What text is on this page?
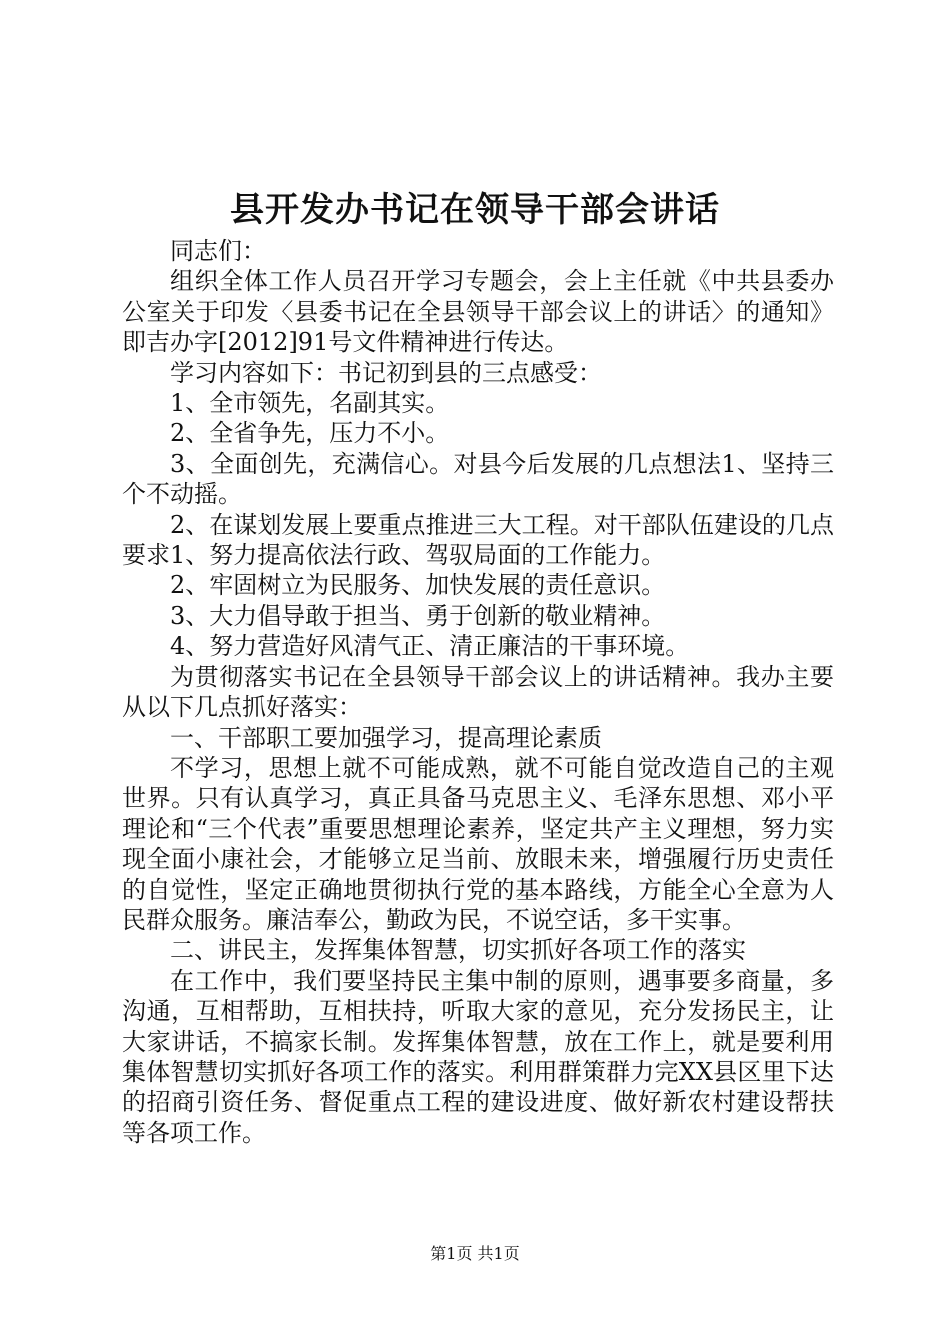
县开发办书记在领导干部会讲话

同志们：

组织全体工作人员召开学习专题会，会上主任就《中共县委办公室关于印发〈县委书记在全县领导干部会议上的讲话〉的通知》即吉办字[2012]91号文件精神进行传达。

学习内容如下：书记初到县的三点感受：

1、全市领先，名副其实。

2、全省争先，压力不小。

3、全面创先，充满信心。对县今后发展的几点想法1、坚持三个不动摇。

2、在谋划发展上要重点推进三大工程。对干部队伍建设的几点要求1、努力提高依法行政、驾驭局面的工作能力。

2、牢固树立为民服务、加快发展的责任意识。

3、大力倡导敢于担当、勇于创新的敬业精神。

4、努力营造好风清气正、清正廉洁的干事环境。

为贯彻落实书记在全县领导干部会议上的讲话精神。我办主要从以下几点抓好落实：

一、干部职工要加强学习，提高理论素质

不学习，思想上就不可能成熟，就不可能自觉改造自己的主观世界。只有认真学习，真正具备马克思主义、毛泽东思想、邓小平理论和“三个代表”重要思想理论素养，坚定共产主义理想，努力实现全面小康社会，才能够立足当前、放眼未来，增强履行历史责任的自觉性，坚定正确地贯彻执行党的基本路线，方能全心全意为人民群众服务。廉洁奉公，勤政为民，不说空话，多干实事。

二、讲民主，发挥集体智慧，切实抓好各项工作的落实

在工作中，我们要坚持民主集中制的原则，遇事要多商量，多沟通，互相帮助，互相扶持，听取大家的意见，充分发扬民主，让大家讲话，不搞家长制。发挥集体智慧，放在工作上，就是要利用集体智慧切实抓好各项工作的落实。利用群策群力完XX县区里下达的招商引资任务、督促重点工程的建设进度、做好新农村建设帮扶等各项工作。

第1页 共1页
